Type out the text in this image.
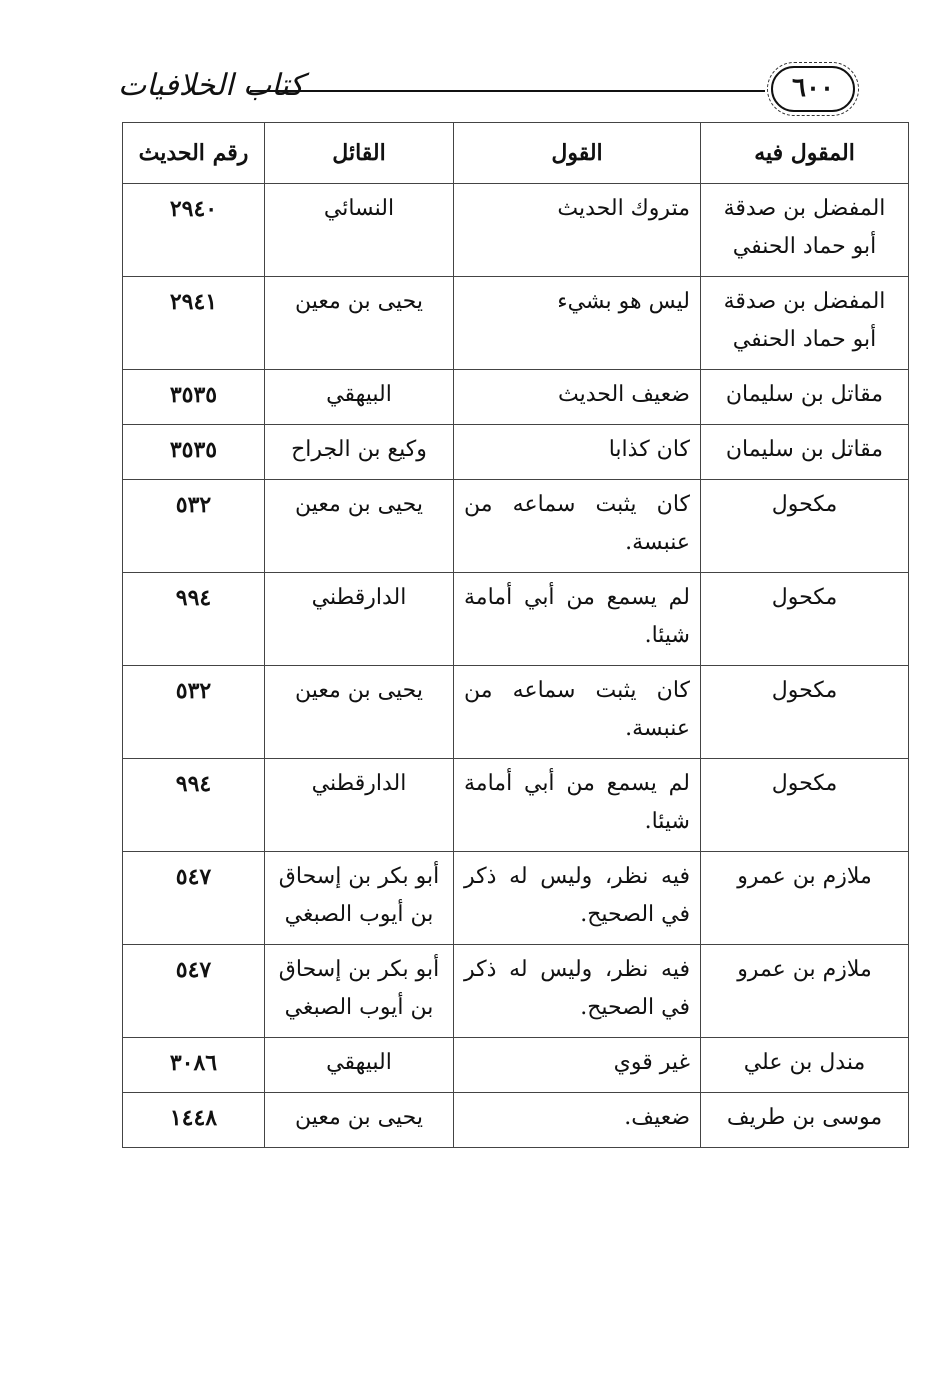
كتاب الخلافيات	٦٠٠
المقول فيه	القول	القائل	رقم الحديث
المفضل بن صدقة أبو حماد الحنفي	متروك الحديث	النسائي	٢٩٤٠
المفضل بن صدقة أبو حماد الحنفي	ليس هو بشيء	يحيى بن معين	٢٩٤١
مقاتل بن سليمان	ضعيف الحديث	البيهقي	٣٥٣٥
مقاتل بن سليمان	كان كذابا	وكيع بن الجراح	٣٥٣٥
مكحول	كان يثبت سماعه من عنبسة.	يحيى بن معين	٥٣٢
مكحول	لم يسمع من أبي أمامة شيئا.	الدارقطني	٩٩٤
مكحول	كان يثبت سماعه من عنبسة.	يحيى بن معين	٥٣٢
مكحول	لم يسمع من أبي أمامة شيئا.	الدارقطني	٩٩٤
ملازم بن عمرو	فيه نظر، وليس له ذكر في الصحيح.	أبو بكر بن إسحاق بن أيوب الصبغي	٥٤٧
ملازم بن عمرو	فيه نظر، وليس له ذكر في الصحيح.	أبو بكر بن إسحاق بن أيوب الصبغي	٥٤٧
مندل بن علي	غير قوي	البيهقي	٣٠٨٦
موسى بن طريف	ضعيف.	يحيى بن معين	١٤٤٨
